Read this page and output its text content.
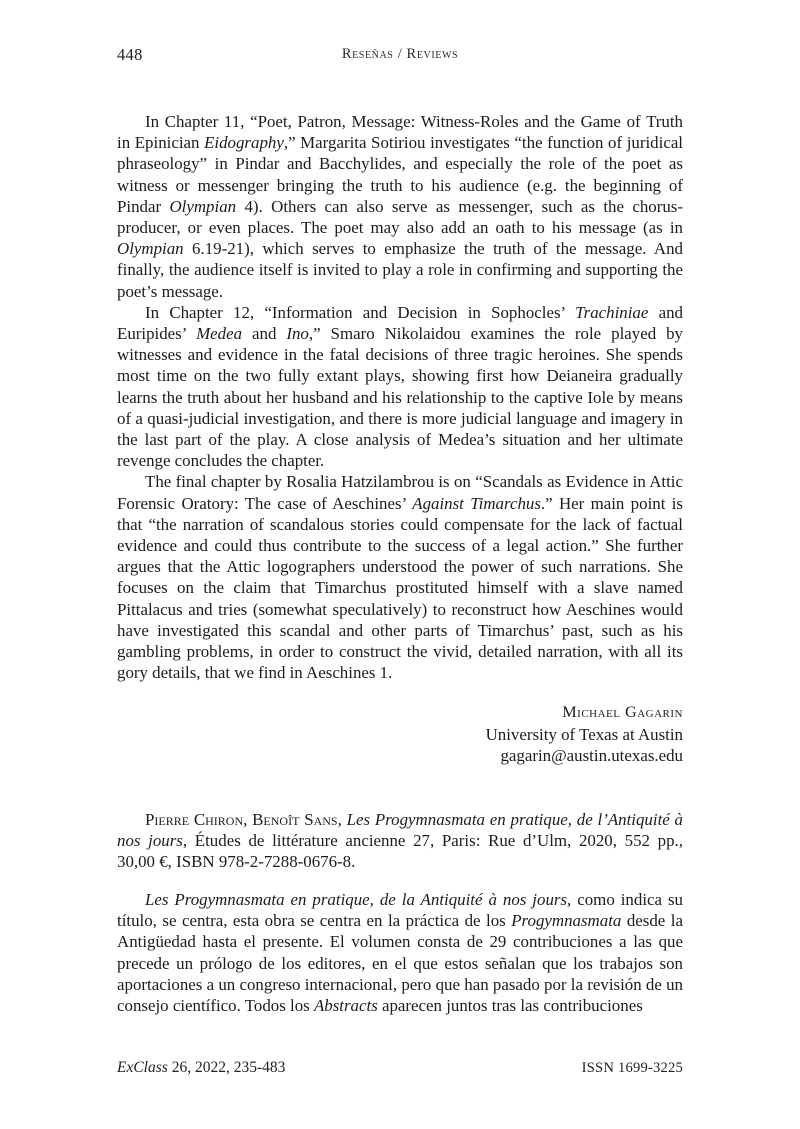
448	Reseñas / Reviews

In Chapter 11, “Poet, Patron, Message: Witness-Roles and the Game of Truth in Epinician Eidography,” Margarita Sotiriou investigates “the function of juridical phraseology” in Pindar and Bacchylides, and especially the role of the poet as witness or messenger bringing the truth to his audience (e.g. the beginning of Pindar Olympian 4). Others can also serve as messenger, such as the chorus-producer, or even places. The poet may also add an oath to his message (as in Olympian 6.19-21), which serves to emphasize the truth of the message. And finally, the audience itself is invited to play a role in confirming and supporting the poet’s message.

In Chapter 12, “Information and Decision in Sophocles’ Trachiniae and Euripides’ Medea and Ino,” Smaro Nikolaidou examines the role played by witnesses and evidence in the fatal decisions of three tragic heroines. She spends most time on the two fully extant plays, showing first how Deianeira gradually learns the truth about her husband and his relationship to the captive Iole by means of a quasi-judicial investigation, and there is more judicial language and imagery in the last part of the play. A close analysis of Medea’s situation and her ultimate revenge concludes the chapter.

The final chapter by Rosalia Hatzilambrou is on “Scandals as Evidence in Attic Forensic Oratory: The case of Aeschines’ Against Timarchus.” Her main point is that “the narration of scandalous stories could compensate for the lack of factual evidence and could thus contribute to the success of a legal action.” She further argues that the Attic logographers understood the power of such narrations. She focuses on the claim that Timarchus prostituted himself with a slave named Pittalacus and tries (somewhat speculatively) to reconstruct how Aeschines would have investigated this scandal and other parts of Timarchus’ past, such as his gambling problems, in order to construct the vivid, detailed narration, with all its gory details, that we find in Aeschines 1.

Michael Gagarin
University of Texas at Austin
gagarin@austin.utexas.edu

Pierre Chiron, Benoît Sans, Les Progymnasmata en pratique, de l’Antiquité à nos jours, Études de littérature ancienne 27, Paris: Rue d’Ulm, 2020, 552 pp., 30,00 €, ISBN 978-2-7288-0676-8.

Les Progymnasmata en pratique, de la Antiquité à nos jours, como indica su título, se centra, esta obra se centra en la práctica de los Progymnasmata desde la Antigüedad hasta el presente. El volumen consta de 29 contribuciones a las que precede un prólogo de los editores, en el que estos señalan que los trabajos son aportaciones a un congreso internacional, pero que han pasado por la revisión de un consejo científico. Todos los Abstracts aparecen juntos tras las contribuciones

ExClass 26, 2022, 235-483	ISSN 1699-3225
